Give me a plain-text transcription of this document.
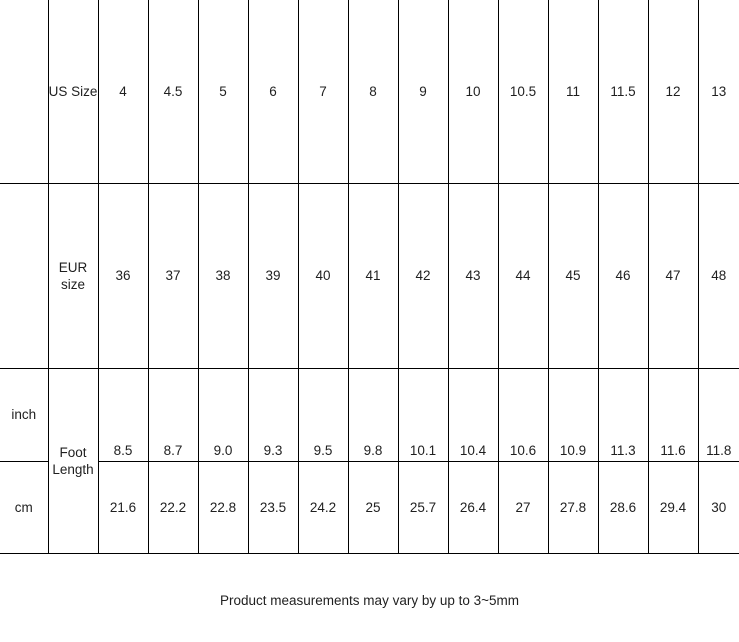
	US Size	4	4.5	5	6	7	8	9	10	10.5	11	11.5	12	13
	EUR size	36	37	38	39	40	41	42	43	44	45	46	47	48
inch	Foot Length	8.5	8.7	9.0	9.3	9.5	9.8	10.1	10.4	10.6	10.9	11.3	11.6	11.8
cm		21.6	22.2	22.8	23.5	24.2	25	25.7	26.4	27	27.8	28.6	29.4	30
Product measurements may vary by up to 3~5mm
